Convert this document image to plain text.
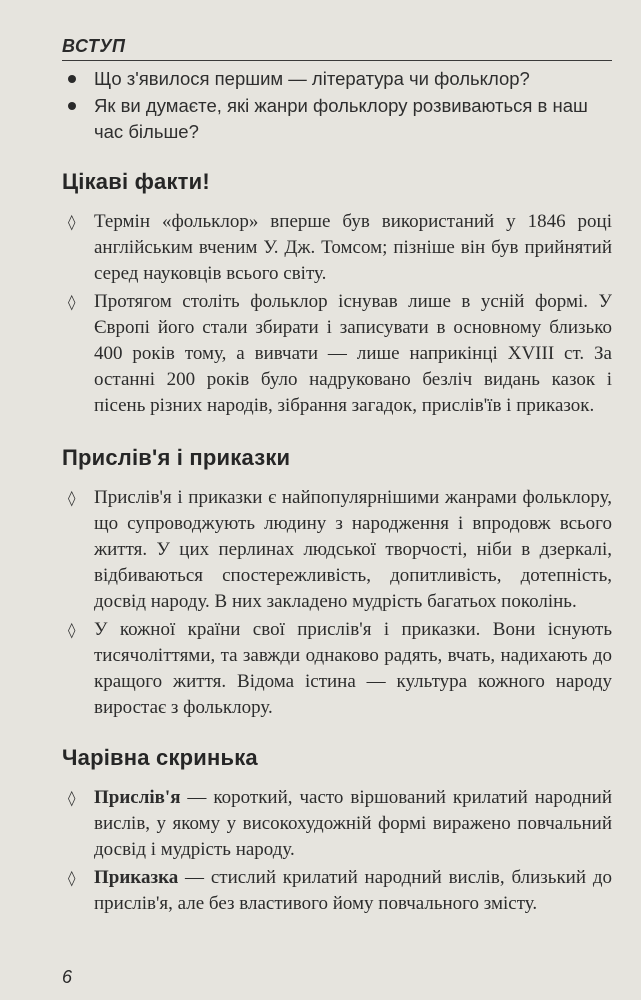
ВСТУП
Що з'явилося першим — література чи фольклор?
Як ви думаєте, які жанри фольклору розвиваються в наш час більше?
Цікаві факти!
◊ Термін «фольклор» вперше був використаний у 1846 році англійським вченим У. Дж. Томсом; пізніше він був прийнятий серед науковців всього світу.
◊ Протягом століть фольклор існував лише в усній формі. У Європі його стали збирати і записувати в основному близько 400 років тому, а вивчати — лише наприкінці XVIII ст. За останні 200 років було надруковано безліч видань казок і пісень різних народів, зібрання загадок, прислів'їв і приказок.
Прислів'я і приказки
◊ Прислів'я і приказки є найпопулярнішими жанрами фольклору, що супроводжують людину з народження і впродовж всього життя. У цих перлинах людської творчості, ніби в дзеркалі, відбиваються спостережливість, допитливість, дотепність, досвід народу. В них закладено мудрість багатьох поколінь.
◊ У кожної країни свої прислів'я і приказки. Вони існують тисячоліттями, та завжди однаково радять, вчать, надихають до кращого життя. Відома істина — культура кожного народу виростає з фольклору.
Чарівна скринька
◊ Прислів'я — короткий, часто віршований крилатий народний вислів, у якому у високохудожній формі виражено повчальний досвід і мудрість народу.
◊ Приказка — стислий крилатий народний вислів, близький до прислів'я, але без властивого йому повчального змісту.
6
